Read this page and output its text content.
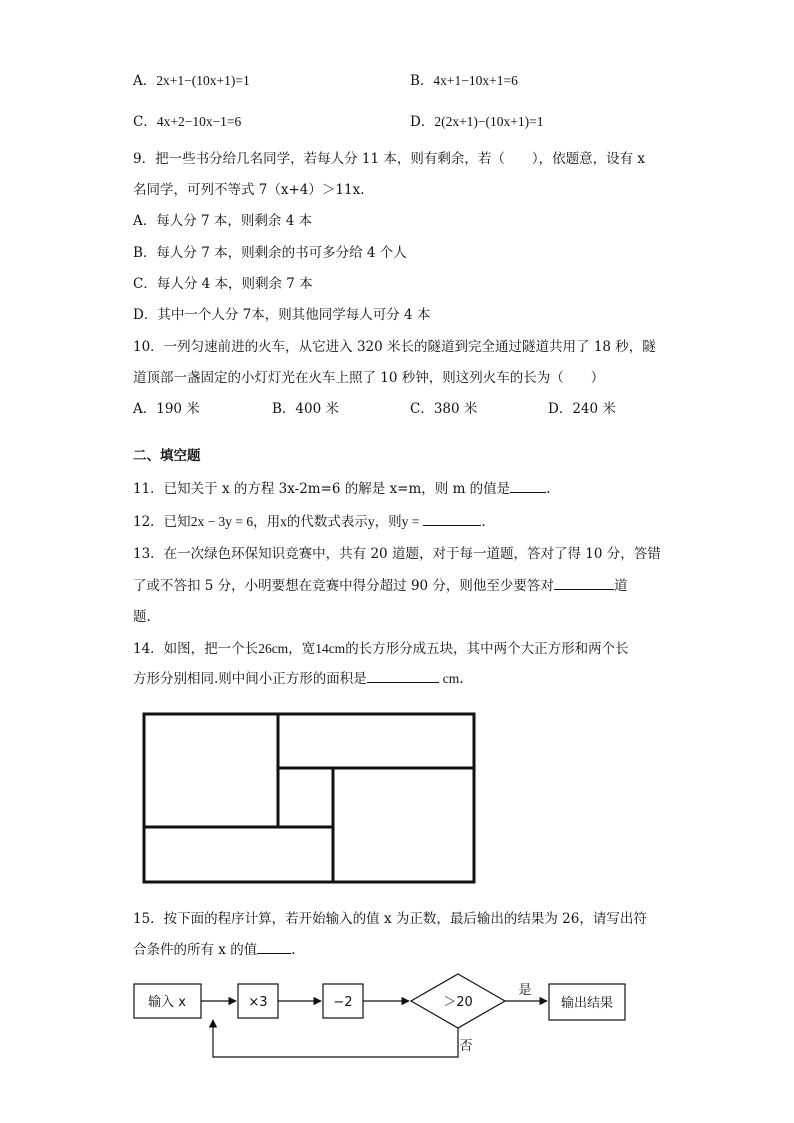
A．2x+1−(10x+1)=1	B．4x+1−10x+1=6
C．4x+2−10x−1=6	D．2(2x+1)−(10x+1)=1
9．把一些书分给几名同学，若每人分 11 本，则有剩余，若（　　），依题意，设有 x
名同学，可列不等式 7（x+4）＞11x.
A．每人分 7 本，则剩余 4 本
B．每人分 7 本，则剩余的书可多分给 4 个人
C．每人分 4 本，则剩余 7 本
D．其中一个人分 7本，则其他同学每人可分 4 本
10．一列匀速前进的火车，从它进入 320 米长的隧道到完全通过隧道共用了 18 秒，隧
道顶部一盏固定的小灯灯光在火车上照了 10 秒钟，则这列火车的长为（　　）
A．190 米	B．400 米	C．380 米	D．240 米
二、填空题
11．已知关于 x 的方程 3x-2m=6 的解是 x=m，则 m 的值是	.
12．已知2x − 3y = 6，用x的代数式表示y，则y =	.
13．在一次绿色环保知识竞赛中，共有 20 道题，对于每一道题，答对了得 10 分，答错
了或不答扣 5 分，小明要想在竞赛中得分超过 90 分，则他至少要答对	道
题.
14．如图，把一个长26cm，宽14cm的长方形分成五块，其中两个大正方形和两个长
方形分别相同.则中间小正方形的面积是	cm.
15．按下面的程序计算，若开始输入的值 x 为正数，最后输出的结果为 26，请写出符
合条件的所有 x 的值	.
输入 x	×3	−2	＞20
是
否
输出结果
